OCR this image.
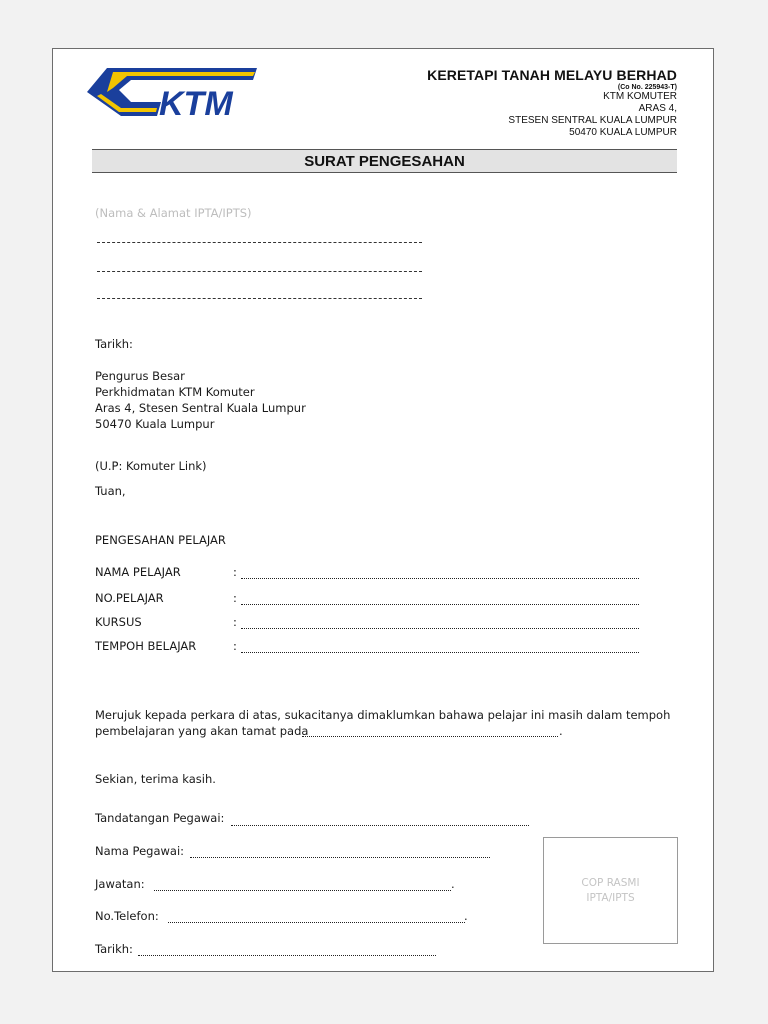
KTM
KERETAPI TANAH MELAYU BERHAD
(Co No. 225943-T)
KTM KOMUTER
ARAS 4,
STESEN SENTRAL KUALA LUMPUR
50470 KUALA LUMPUR
SURAT PENGESAHAN
(Nama & Alamat IPTA/IPTS)
Tarikh:
Pengurus Besar
Perkhidmatan KTM Komuter
Aras 4, Stesen Sentral Kuala Lumpur
50470 Kuala Lumpur
(U.P: Komuter Link)
Tuan,
PENGESAHAN PELAJAR
NAMA PELAJAR	:
NO.PELAJAR	:
KURSUS	:
TEMPOH BELAJAR	:
Merujuk kepada perkara di atas, sukacitanya dimaklumkan bahawa pelajar ini masih dalam tempoh
pembelajaran yang akan tamat pada	.
Sekian, terima kasih.
Tandatangan Pegawai:
Nama Pegawai:
Jawatan:	.
No.Telefon:	.
Tarikh:
COP RASMI
IPTA/IPTS
